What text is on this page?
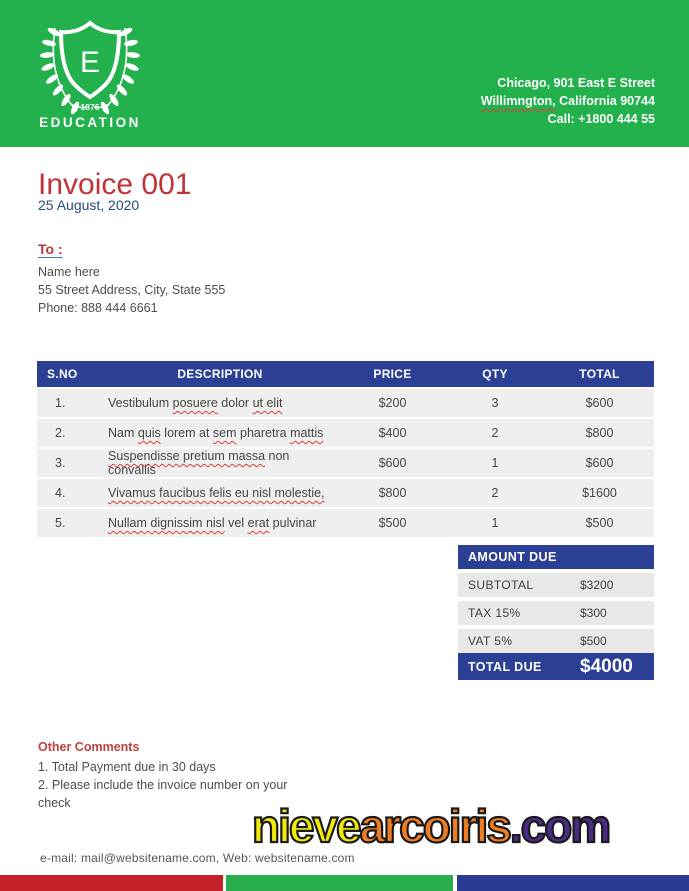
E
1876
EDUCATION
Chicago, 901 East E Street
Willimngton, California 90744
Call: +1800 444 55
Invoice 001
25 August, 2020
To :
Name here
55 Street Address, City, State 555
Phone: 888 444 6661
S.NO	DESCRIPTION	PRICE	QTY	TOTAL
1.	Vestibulum posuere dolor ut elit	$200	3	$600
2.	Nam quis lorem at sem pharetra mattis	$400	2	$800
3.	Suspendisse pretium massa non convallis	$600	1	$600
4.	Vivamus faucibus felis eu nisl molestie,	$800	2	$1600
5.	Nullam dignissim nisl vel erat pulvinar	$500	1	$500
AMOUNT DUE
SUBTOTAL	$3200
TAX 15%	$300
VAT 5%	$500
TOTAL DUE	$4000
Other Comments
1. Total Payment due in 30 days
2. Please include the invoice number on your
check	nievearcoiris.com
e-mail: mail@websitename.com, Web: websitename.com
